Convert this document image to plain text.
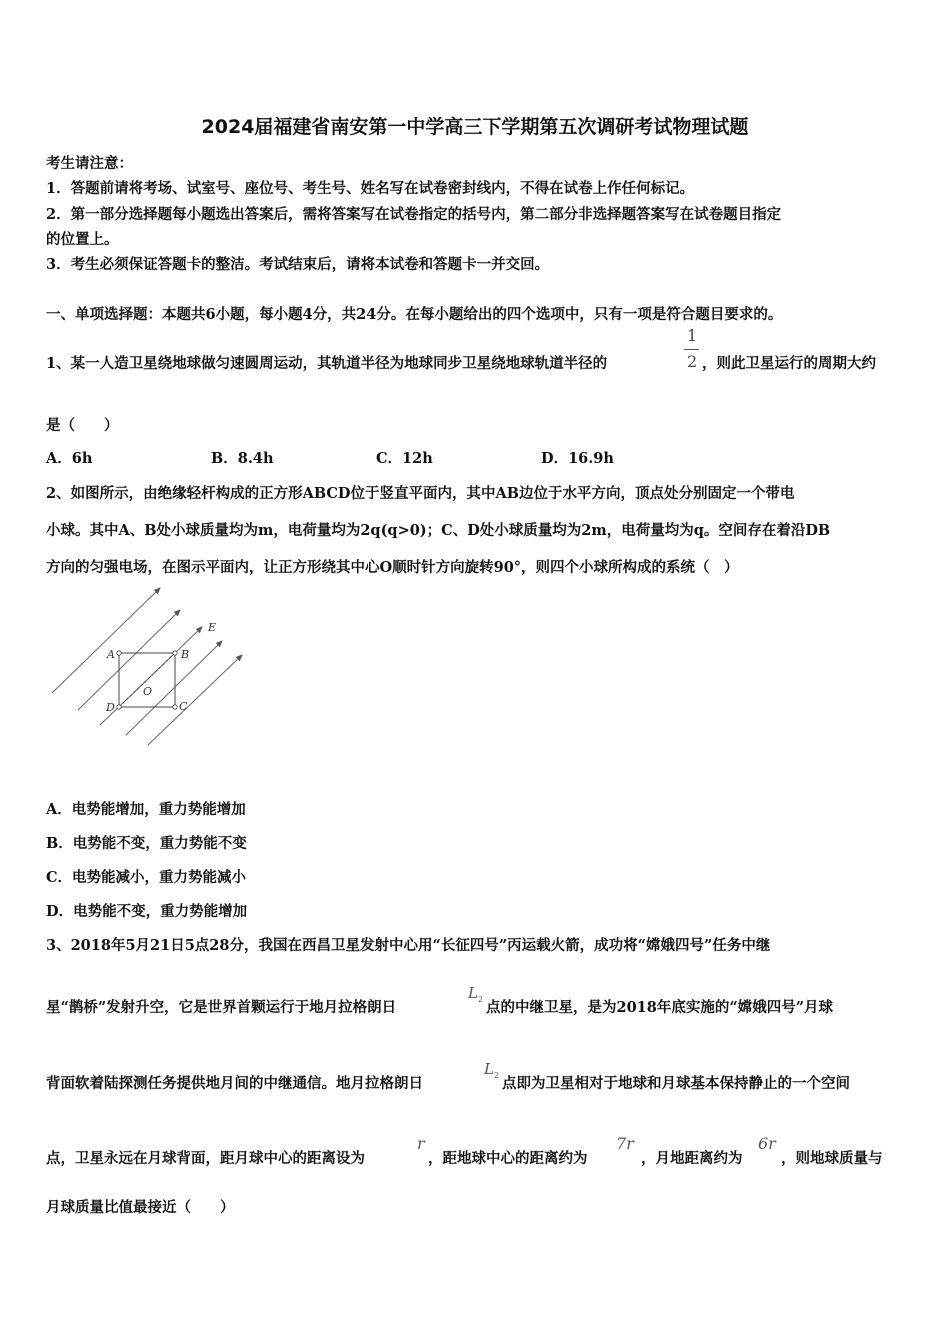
2024届福建省南安第一中学高三下学期第五次调研考试物理试题
考生请注意：
1．答题前请将考场、试室号、座位号、考生号、姓名写在试卷密封线内，不得在试卷上作任何标记。
2．第一部分选择题每小题选出答案后，需将答案写在试卷指定的括号内，第二部分非选择题答案写在试卷题目指定
的位置上。
3．考生必须保证答题卡的整洁。考试结束后，请将本试卷和答题卡一并交回。
一、单项选择题：本题共6小题，每小题4分，共24分。在每小题给出的四个选项中，只有一项是符合题目要求的。
1、某一人造卫星绕地球做匀速圆周运动，其轨道半径为地球同步卫星绕地球轨道半径的
1
2 ，则此卫星运行的周期大约
是（　　）
A．6h	B．8.4h	C．12h	D．16.9h
2、如图所示，由绝缘轻杆构成的正方形ABCD位于竖直平面内，其中AB边位于水平方向，顶点处分别固定一个带电
小球。其中A、B处小球质量均为m，电荷量均为2q(q>0)；C、D处小球质量均为2m，电荷量均为q。空间存在着沿DB
方向的匀强电场，在图示平面内，让正方形绕其中心O顺时针方向旋转90°，则四个小球所构成的系统（　）
A	B
C
D
O
E
A．电势能增加，重力势能增加
B．电势能不变，重力势能不变
C．电势能减小，重力势能减小
D．电势能不变，重力势能增加
3、2018年5月21日5点28分，我国在西昌卫星发射中心用“长征四号”丙运载火箭，成功将“嫦娥四号”任务中继
星“鹊桥”发射升空，它是世界首颗运行于地月拉格朗日
$L_2$ 点的中继卫星，是为2018年底实施的“嫦娥四号”月球
背面软着陆探测任务提供地月间的中继通信。地月拉格朗日
$L_2$ 点即为卫星相对于地球和月球基本保持静止的一个空间
点，卫星永远在月球背面，距月球中心的距离设为
r
，距地球中心的距离约为
7r
，月地距离约为
6r
，则地球质量与
月球质量比值最接近（　　）
